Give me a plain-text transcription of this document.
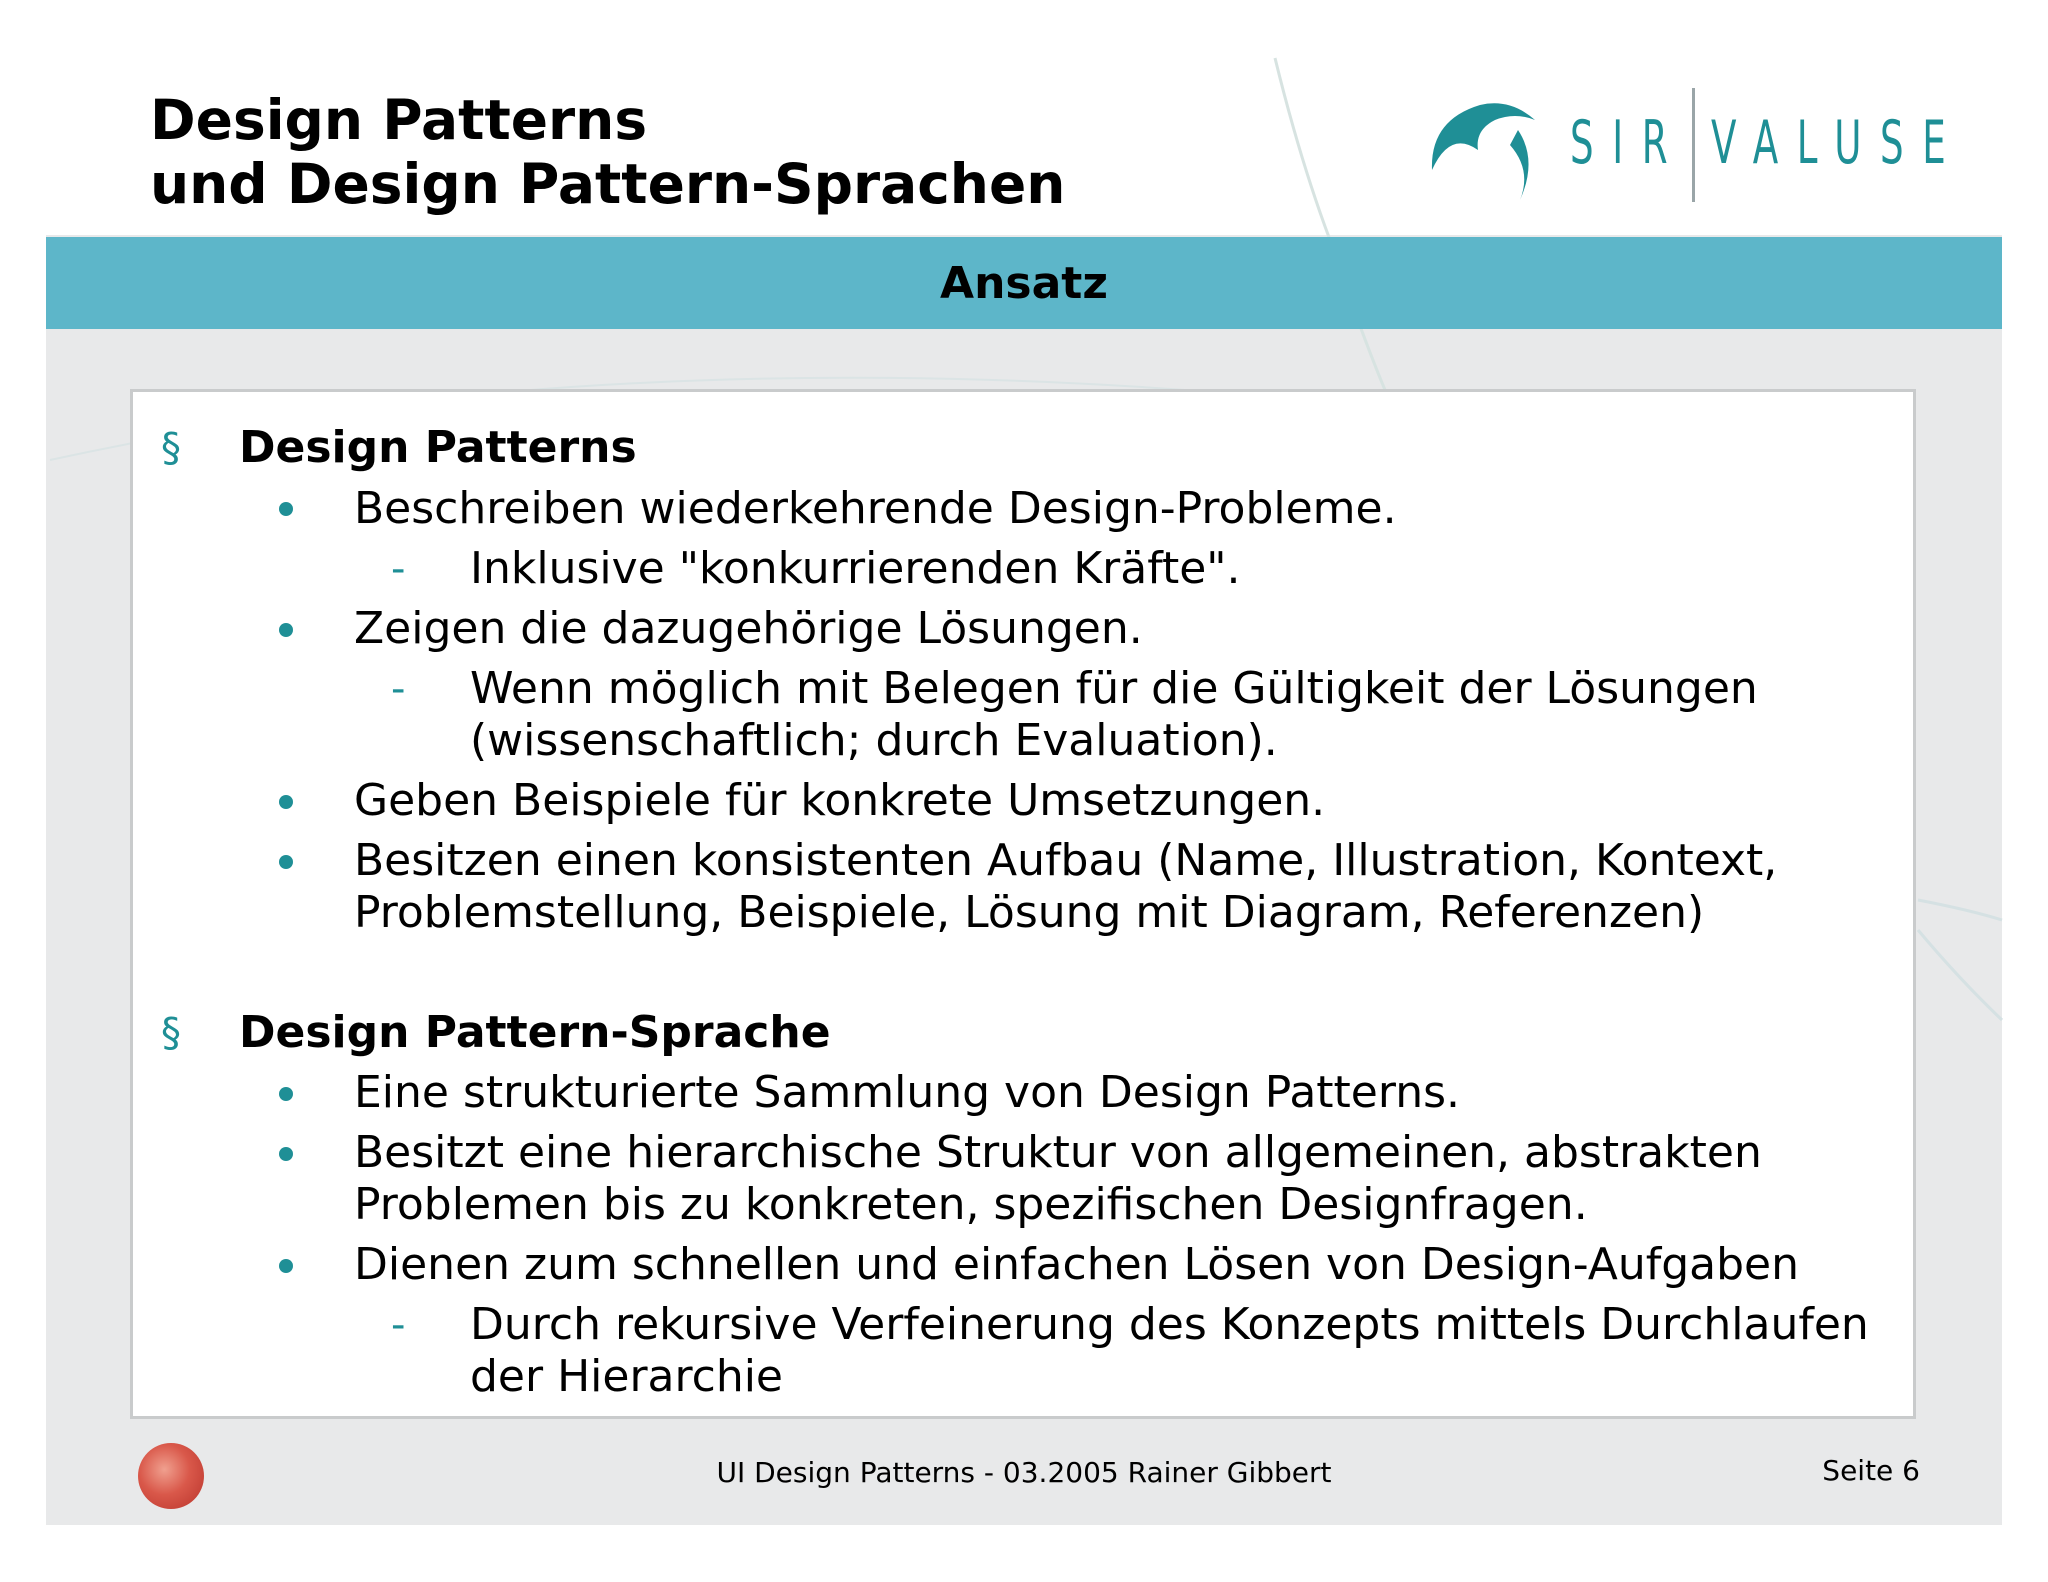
Design Patterns
und Design Pattern-Sprachen
SIR VALUSE
Ansatz
§ Design Patterns
Beschreiben wiederkehrende Design-Probleme.
- Inklusive "konkurrierenden Kräfte".
Zeigen die dazugehörige Lösungen.
- Wenn möglich mit Belegen für die Gültigkeit der Lösungen
(wissenschaftlich; durch Evaluation).
Geben Beispiele für konkrete Umsetzungen.
Besitzen einen konsistenten Aufbau (Name, Illustration, Kontext,
Problemstellung, Beispiele, Lösung mit Diagram, Referenzen)
§ Design Pattern-Sprache
Eine strukturierte Sammlung von Design Patterns.
Besitzt eine hierarchische Struktur von allgemeinen, abstrakten
Problemen bis zu konkreten, spezifischen Designfragen.
Dienen zum schnellen und einfachen Lösen von Design-Aufgaben
- Durch rekursive Verfeinerung des Konzepts mittels Durchlaufen
der Hierarchie
UI Design Patterns - 03.2005 Rainer Gibbert	Seite 6
